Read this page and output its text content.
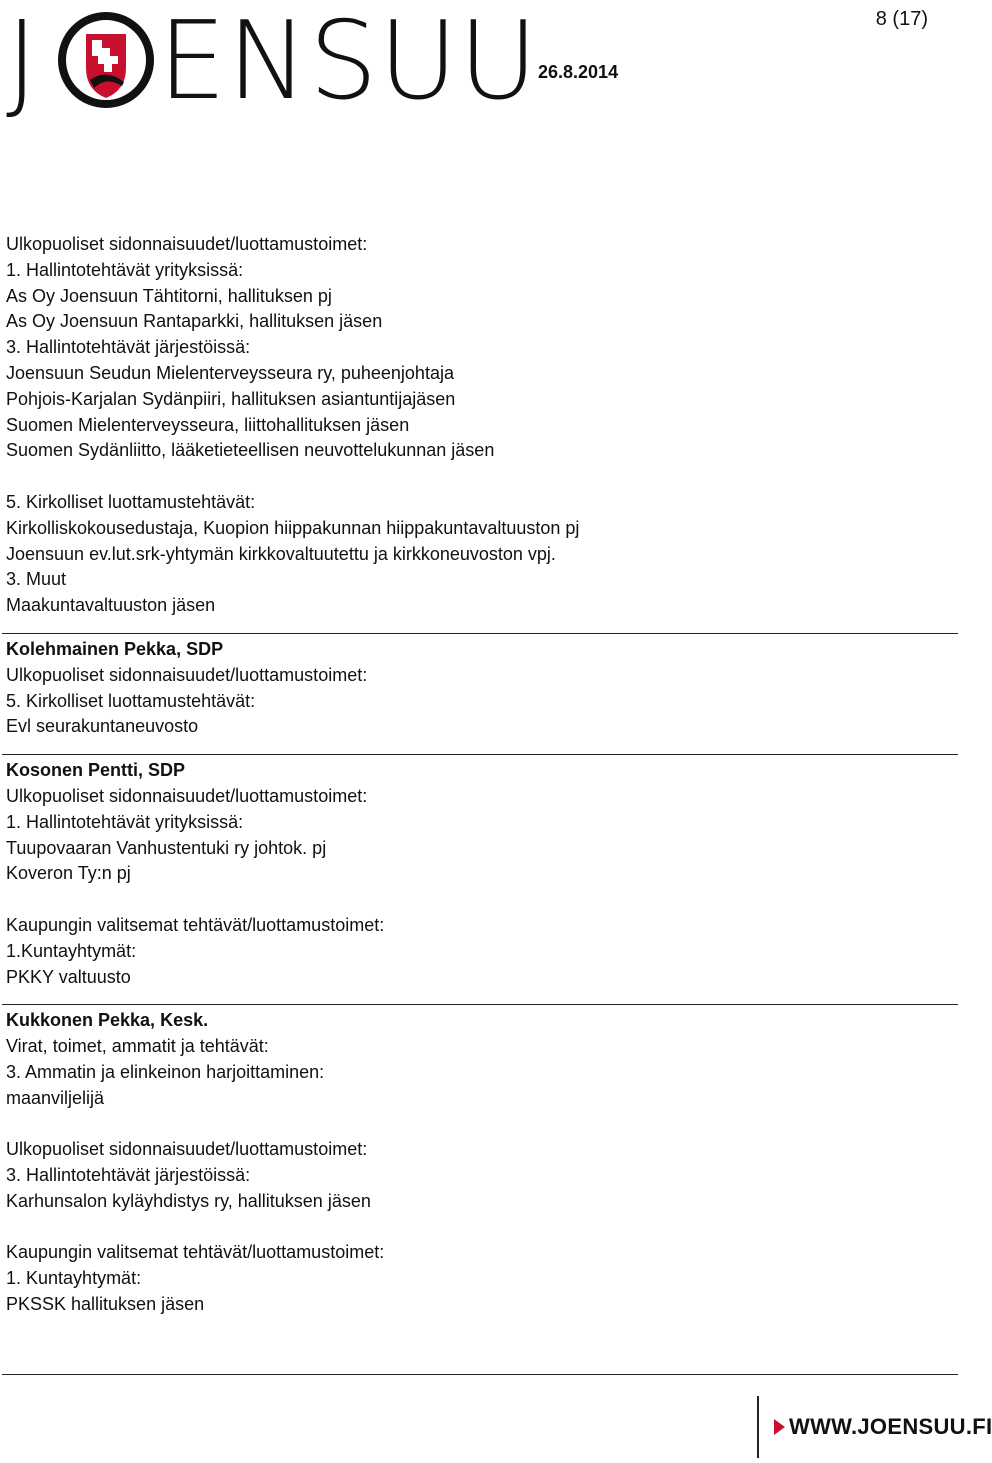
J ENSUU	8 (17)
26.8.2014
Ulkopuoliset sidonnaisuudet/luottamustoimet:
1. Hallintotehtävät yrityksissä:
As Oy Joensuun Tähtitorni, hallituksen pj
As Oy Joensuun Rantaparkki, hallituksen jäsen
3. Hallintotehtävät järjestöissä:
Joensuun Seudun Mielenterveysseura ry, puheenjohtaja
Pohjois-Karjalan Sydänpiiri, hallituksen asiantuntijajäsen
Suomen Mielenterveysseura, liittohallituksen jäsen
Suomen Sydänliitto, lääketieteellisen neuvottelukunnan jäsen
5. Kirkolliset luottamustehtävät:
Kirkolliskokousedustaja, Kuopion hiippakunnan hiippakuntavaltuuston pj
Joensuun ev.lut.srk-yhtymän kirkkovaltuutettu ja kirkkoneuvoston vpj.
3. Muut
Maakuntavaltuuston jäsen
Kolehmainen Pekka, SDP
Ulkopuoliset sidonnaisuudet/luottamustoimet:
5. Kirkolliset luottamustehtävät:
Evl seurakuntaneuvosto
Kosonen Pentti, SDP
Ulkopuoliset sidonnaisuudet/luottamustoimet:
1. Hallintotehtävät yrityksissä:
Tuupovaaran Vanhustentuki ry johtok. pj
Koveron Ty:n pj
Kaupungin valitsemat tehtävät/luottamustoimet:
1.Kuntayhtymät:
PKKY valtuusto
Kukkonen Pekka, Kesk.
Virat, toimet, ammatit ja tehtävät:
3. Ammatin ja elinkeinon harjoittaminen:
maanviljelijä
Ulkopuoliset sidonnaisuudet/luottamustoimet:
3. Hallintotehtävät järjestöissä:
Karhunsalon kyläyhdistys ry, hallituksen jäsen
Kaupungin valitsemat tehtävät/luottamustoimet:
1. Kuntayhtymät:
PKSSK hallituksen jäsen
WWW.JOENSUU.FI
